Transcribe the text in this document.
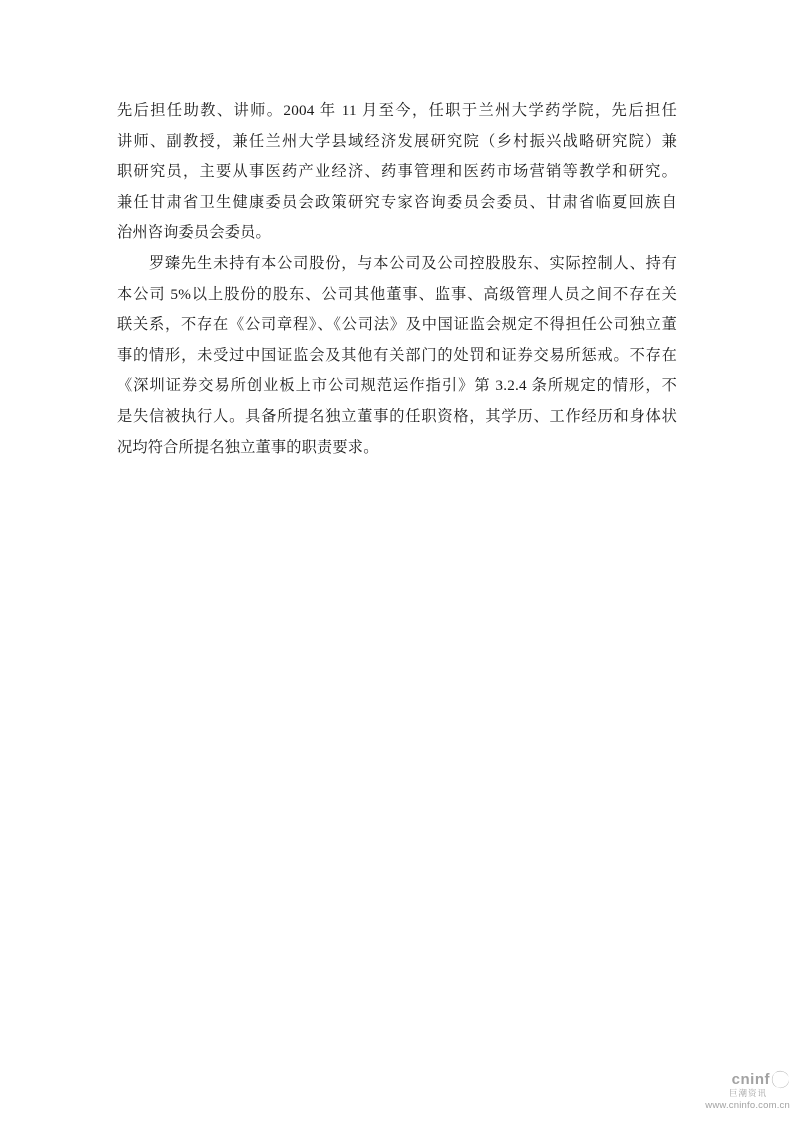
先后担任助教、讲师。2004 年 11 月至今，任职于兰州大学药学院，先后担任
讲师、副教授，兼任兰州大学县域经济发展研究院（乡村振兴战略研究院）兼
职研究员，主要从事医药产业经济、药事管理和医药市场营销等教学和研究。
兼任甘肃省卫生健康委员会政策研究专家咨询委员会委员、甘肃省临夏回族自
治州咨询委员会委员。
罗臻先生未持有本公司股份，与本公司及公司控股股东、实际控制人、持有
本公司 5%以上股份的股东、公司其他董事、监事、高级管理人员之间不存在关
联关系，不存在《公司章程》、《公司法》及中国证监会规定不得担任公司独立董
事的情形，未受过中国证监会及其他有关部门的处罚和证券交易所惩戒。不存在
《深圳证券交易所创业板上市公司规范运作指引》第 3.2.4 条所规定的情形，不
是失信被执行人。具备所提名独立董事的任职资格，其学历、工作经历和身体状
况均符合所提名独立董事的职责要求。
cninf
巨潮资讯
www.cninfo.com.cn
